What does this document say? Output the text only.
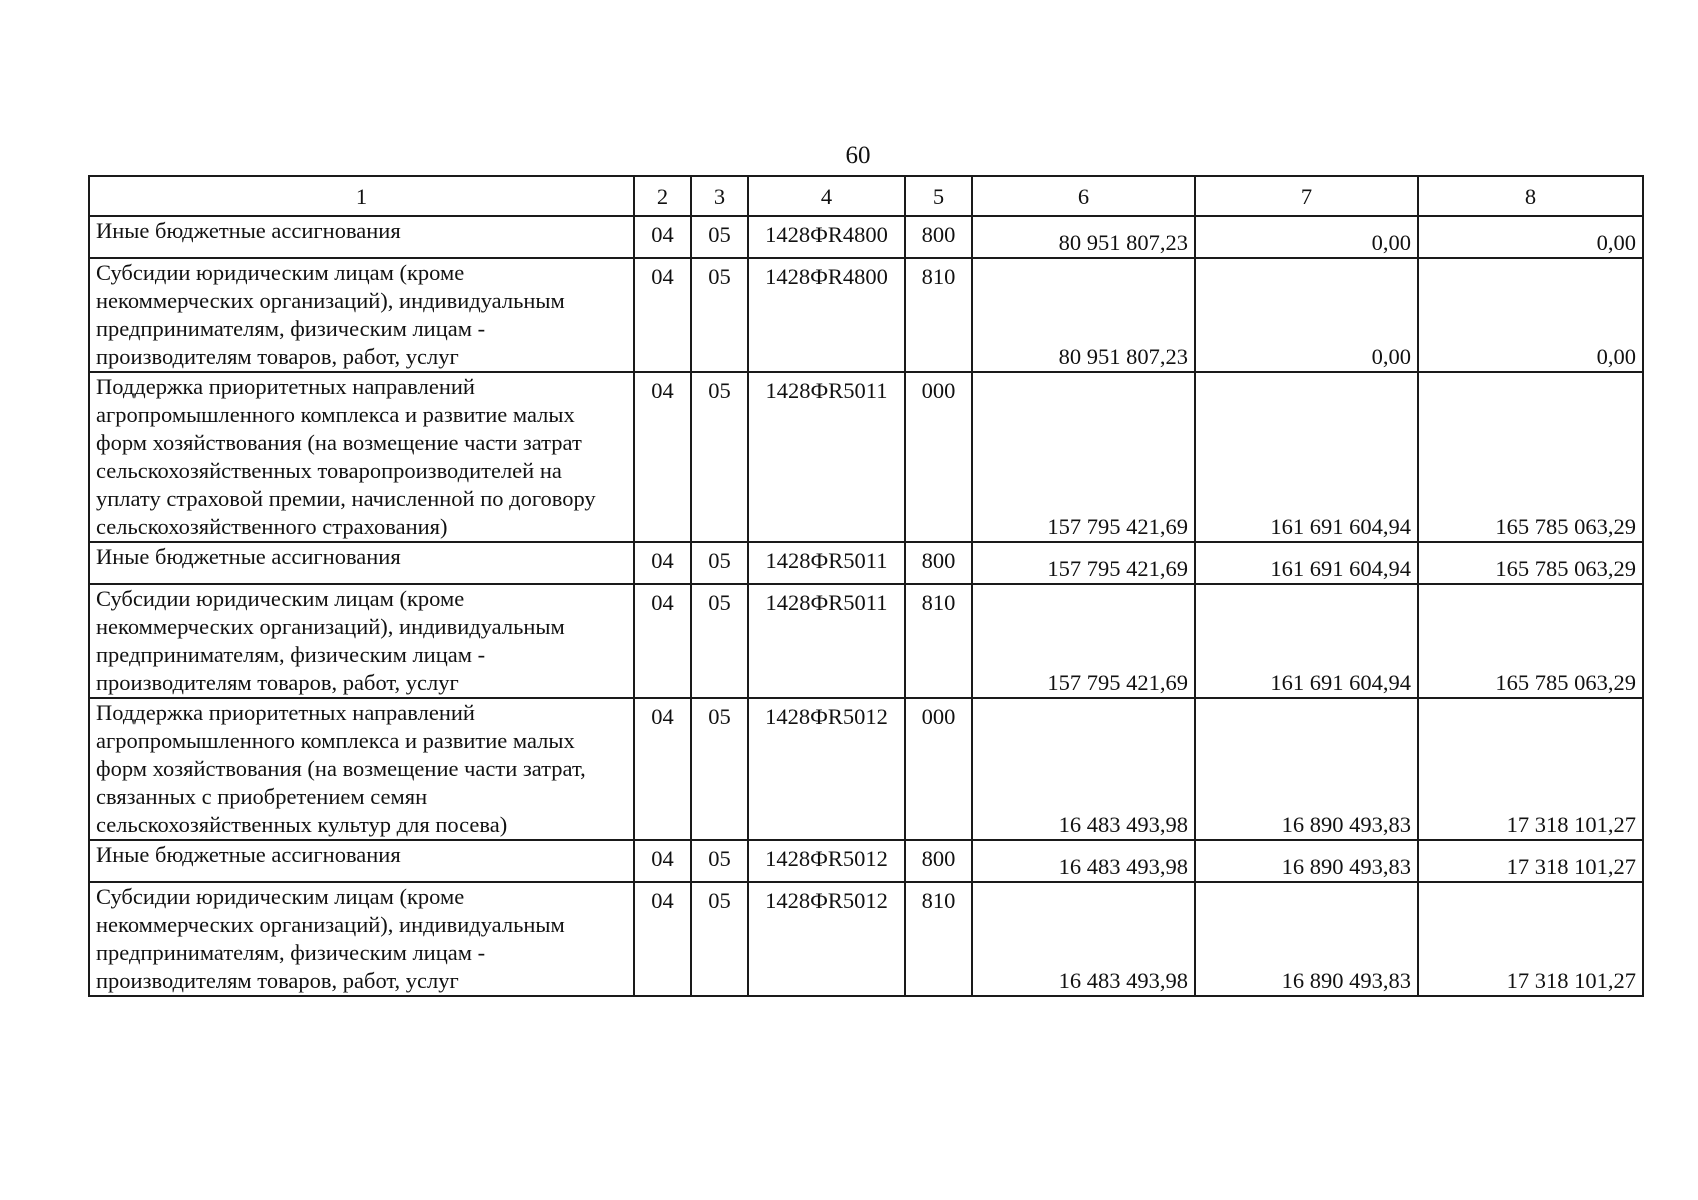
60
1	2	3	4	5	6	7	8
Иные бюджетные ассигнования	04	05	1428ФR4800	800	80 951 807,23	0,00	0,00
Субсидии юридическим лицам (кроме некоммерческих организаций), индивидуальным предпринимателям, физическим лицам - производителям товаров, работ, услуг	04	05	1428ФR4800	810	80 951 807,23	0,00	0,00
Поддержка приоритетных направлений агропромышленного комплекса и развитие малых форм хозяйствования (на возмещение части затрат сельскохозяйственных товаропроизводителей на уплату страховой премии, начисленной по договору сельскохозяйственного страхования)	04	05	1428ФR5011	000	157 795 421,69	161 691 604,94	165 785 063,29
Иные бюджетные ассигнования	04	05	1428ФR5011	800	157 795 421,69	161 691 604,94	165 785 063,29
Субсидии юридическим лицам (кроме некоммерческих организаций), индивидуальным предпринимателям, физическим лицам - производителям товаров, работ, услуг	04	05	1428ФR5011	810	157 795 421,69	161 691 604,94	165 785 063,29
Поддержка приоритетных направлений агропромышленного комплекса и развитие малых форм хозяйствования (на возмещение части затрат, связанных с приобретением семян сельскохозяйственных культур для посева)	04	05	1428ФR5012	000	16 483 493,98	16 890 493,83	17 318 101,27
Иные бюджетные ассигнования	04	05	1428ФR5012	800	16 483 493,98	16 890 493,83	17 318 101,27
Субсидии юридическим лицам (кроме некоммерческих организаций), индивидуальным предпринимателям, физическим лицам - производителям товаров, работ, услуг	04	05	1428ФR5012	810	16 483 493,98	16 890 493,83	17 318 101,27
